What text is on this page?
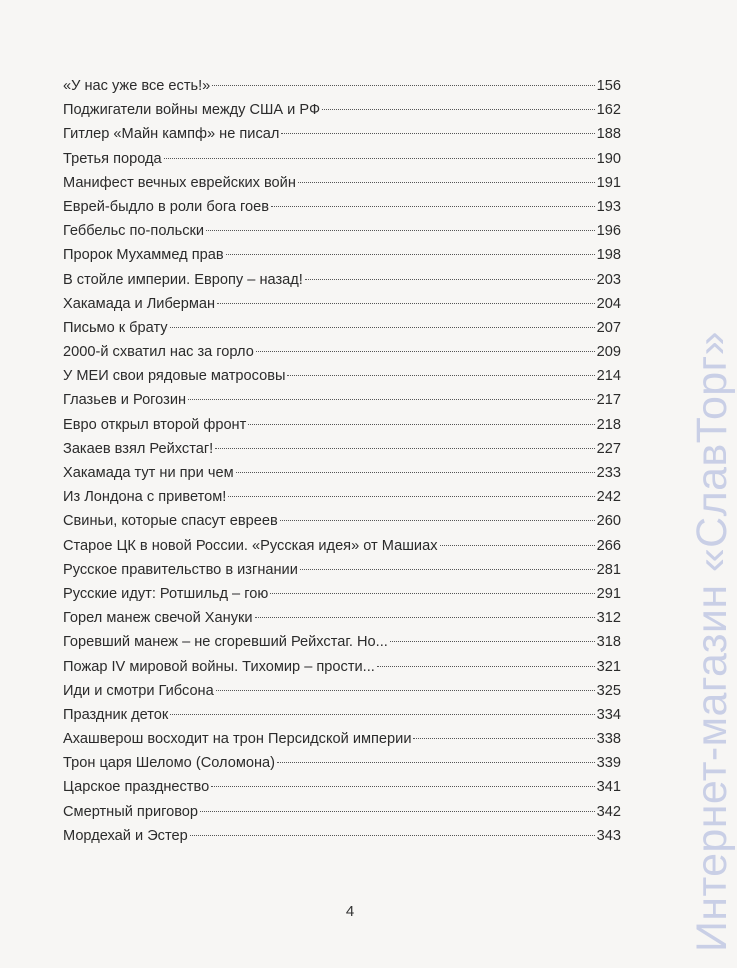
«У нас уже все есть!»	156
Поджигатели войны между США и РФ	162
Гитлер «Майн кампф» не писал	188
Третья порода	190
Манифест вечных еврейских войн	191
Еврей-быдло в роли бога гоев	193
Геббельс по-польски	196
Пророк Мухаммед прав	198
В стойле империи. Европу – назад!	203
Хакамада и Либерман	204
Письмо к брату	207
2000-й схватил нас за горло	209
У МЕИ свои рядовые матросовы	214
Глазьев и Рогозин	217
Евро открыл второй фронт	218
Закаев взял Рейхстаг!	227
Хакамада тут ни при чем	233
Из Лондона с приветом!	242
Свиньи, которые спасут евреев	260
Старое ЦК в новой России. «Русская идея» от Машиах	266
Русское правительство в изгнании	281
Русские идут: Ротшильд – гою	291
Горел манеж свечой Хануки	312
Горевший манеж – не сгоревший Рейхстаг. Но...	318
Пожар IV мировой войны. Тихомир – прости...	321
Иди и смотри Гибсона	325
Праздник деток	334
Ахашверош восходит на трон Персидской империи	338
Трон царя Шеломо (Соломона)	339
Царское празднество	341
Смертный приговор	342
Мордехай и Эстер	343
4	Интернет-магазин «СлавТорг»
